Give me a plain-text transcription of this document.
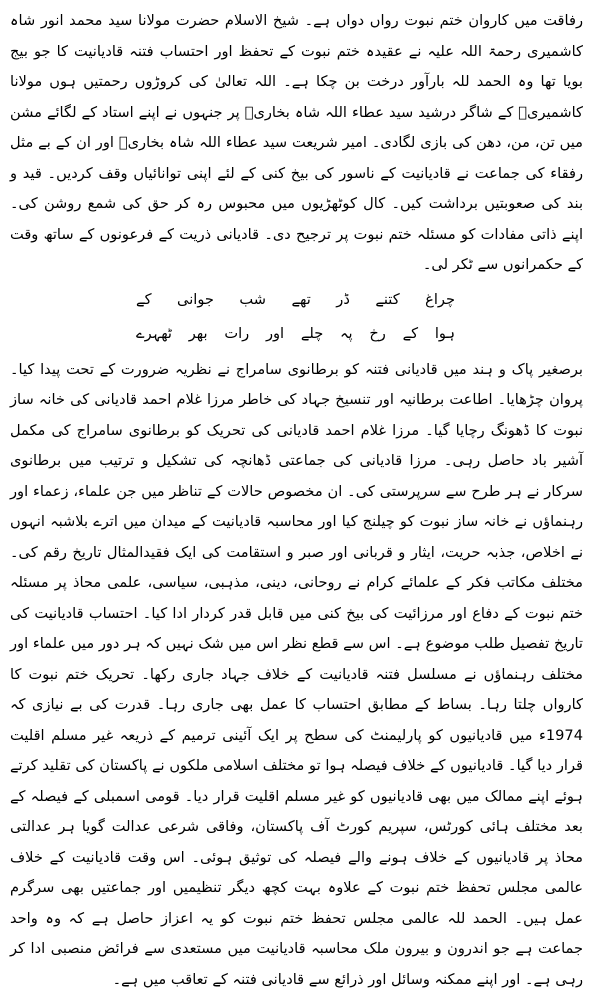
رفاقت میں کاروان ختم نبوت رواں دواں ہے۔ شیخ الاسلام حضرت مولانا سید محمد انور شاہ کاشمیری رحمۃ اللہ علیہ نے عقیدہ ختم نبوت کے تحفظ اور احتساب فتنہ قادیانیت کا جو بیج بویا تھا وہ الحمد للہ بارآور درخت بن چکا ہے۔ اللہ تعالیٰ کی کروڑوں رحمتیں ہوں مولانا کاشمیریؒ کے شاگر درشید سید عطاء اللہ شاہ بخاریؒ پر جنہوں نے اپنے استاد کے لگائے مشن میں تن، من، دھن کی بازی لگادی۔ امیر شریعت سید عطاء اللہ شاہ بخاریؒ اور ان کے بے مثل رفقاء کی جماعت نے قادیانیت کے ناسور کی بیخ کنی کے لئے اپنی توانائیاں وقف کردیں۔ قید و بند کی صعوبتیں برداشت کیں۔ کال کوٹھڑیوں میں محبوس رہ کر حق کی شمع روشن کی۔ اپنے ذاتی مفادات کو مسئلہ ختم نبوت پر ترجیح دی۔ قادیانی ذریت کے فرعونوں کے ساتھ وقت کے حکمرانوں سے ٹکر لی۔

چراغ
کتنے
ڈر
تھے
شب
جوانی
کے
ہوا
کے
رخ
پہ
چلے
اور
رات
بھر
ٹھہرے

برصغیر پاک و ہند میں قادیانی فتنہ کو برطانوی سامراج نے نظریہ ضرورت کے تحت پیدا کیا۔ پروان چڑھایا۔ اطاعت برطانیہ اور تنسیخ جہاد کی خاطر مرزا غلام احمد قادیانی کی خانہ ساز نبوت کا ڈھونگ رچایا گیا۔ مرزا غلام احمد قادیانی کی تحریک کو برطانوی سامراج کی مکمل آشیر باد حاصل رہی۔ مرزا قادیانی کی جماعتی ڈھانچہ کی تشکیل و ترتیب میں برطانوی سرکار نے ہر طرح سے سرپرستی کی۔ ان مخصوص حالات کے تناظر میں جن علماء، زعماء اور رہنماؤں نے خانہ ساز نبوت کو چیلنج کیا اور محاسبہ قادیانیت کے میدان میں اترے بلاشبہ انہوں نے اخلاص، جذبہ حریت، ایثار و قربانی اور صبر و استقامت کی ایک فقیدالمثال تاریخ رقم کی۔ مختلف مکاتب فکر کے علمائے کرام نے روحانی، دینی، مذہبی، سیاسی، علمی محاذ پر مسئلہ ختم نبوت کے دفاع اور مرزائیت کی بیخ کنی میں قابل قدر کردار ادا کیا۔ احتساب قادیانیت کی تاریخ تفصیل طلب موضوع ہے۔ اس سے قطع نظر اس میں شک نہیں کہ ہر دور میں علماء اور مختلف رہنماؤں نے مسلسل فتنہ قادیانیت کے خلاف جہاد جاری رکھا۔ تحریک ختم نبوت کا کارواں چلتا رہا۔ بساط کے مطابق احتساب کا عمل بھی جاری رہا۔ قدرت کی بے نیازی کہ 1974ء میں قادیانیوں کو پارلیمنٹ کی سطح پر ایک آئینی ترمیم کے ذریعہ غیر مسلم اقلیت قرار دیا گیا۔ قادیانیوں کے خلاف فیصلہ ہوا تو مختلف اسلامی ملکوں نے پاکستان کی تقلید کرتے ہوئے اپنے ممالک میں بھی قادیانیوں کو غیر مسلم اقلیت قرار دیا۔ قومی اسمبلی کے فیصلہ کے بعد مختلف ہائی کورٹس، سپریم کورٹ آف پاکستان، وفاقی شرعی عدالت گویا ہر عدالتی محاذ پر قادیانیوں کے خلاف ہونے والے فیصلہ کی توثیق ہوئی۔ اس وقت قادیانیت کے خلاف عالمی مجلس تحفظ ختم نبوت کے علاوہ بہت کچھ دیگر تنظیمیں اور جماعتیں بھی سرگرم عمل ہیں۔ الحمد للہ عالمی مجلس تحفظ ختم نبوت کو یہ اعزاز حاصل ہے کہ وہ واحد جماعت ہے جو اندرون و بیرون ملک محاسبہ قادیانیت میں مستعدی سے فرائض منصبی ادا کر رہی ہے۔ اور اپنے ممکنہ وسائل اور ذرائع سے قادیانی فتنہ کے تعاقب میں ہے۔
